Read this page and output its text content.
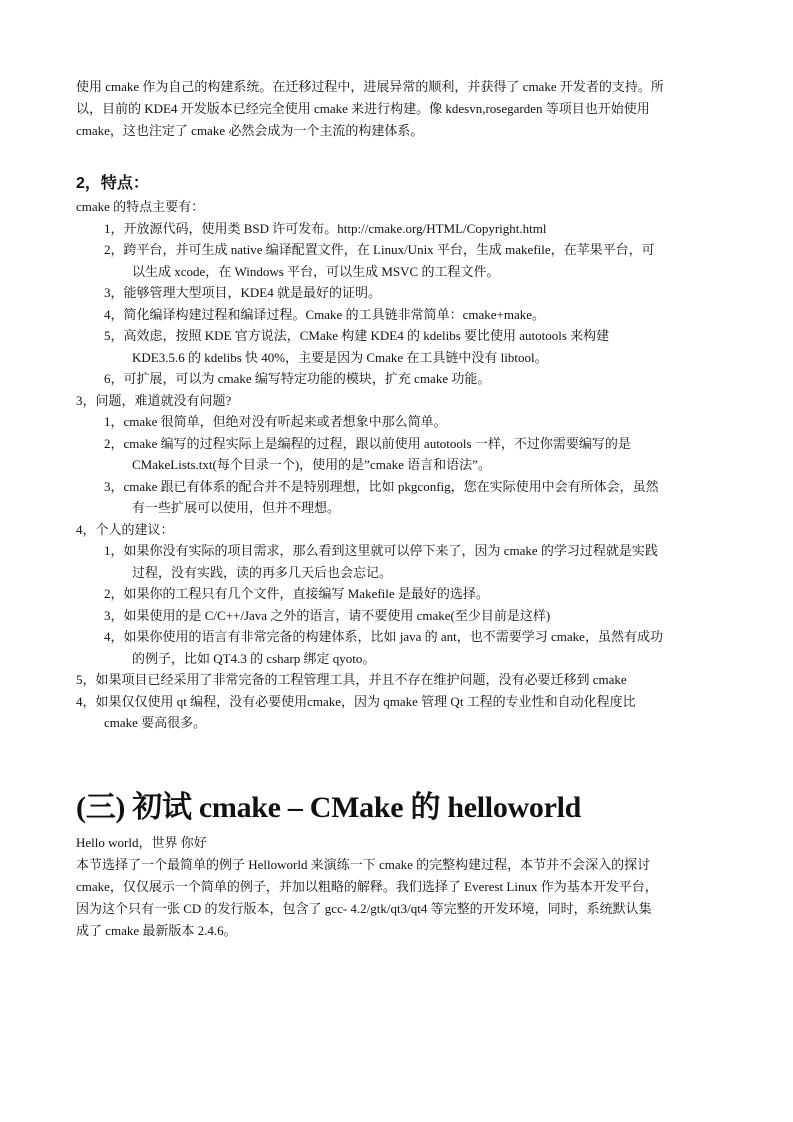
使用 cmake 作为自己的构建系统。在迁移过程中，进展异常的顺利，并获得了 cmake 开发者的支持。所

以，目前的 KDE4 开发版本已经完全使用 cmake 来进行构建。像 kdesvn,rosegarden 等项目也开始使用

cmake，这也注定了 cmake 必然会成为一个主流的构建体系。

2，特点：

cmake 的特点主要有：

1，开放源代码，使用类 BSD 许可发布。http://cmake.org/HTML/Copyright.html

2，跨平台，并可生成 native 编译配置文件，在 Linux/Unix 平台，生成 makefile，在苹果平台，可

以生成 xcode，在 Windows 平台，可以生成 MSVC 的工程文件。

3，能够管理大型项目，KDE4 就是最好的证明。

4，简化编译构建过程和编译过程。Cmake 的工具链非常简单：cmake+make。

5，高效虑，按照 KDE 官方说法，CMake 构建 KDE4 的 kdelibs 要比使用 autotools 来构建

KDE3.5.6 的 kdelibs 快 40%，主要是因为 Cmake 在工具链中没有 libtool。

6，可扩展，可以为 cmake 编写特定功能的模块，扩充 cmake 功能。

3，问题，难道就没有问题?

1，cmake 很简单，但绝对没有听起来或者想象中那么简单。

2，cmake 编写的过程实际上是编程的过程，跟以前使用 autotools 一样，不过你需要编写的是

CMakeLists.txt(每个目录一个)，使用的是”cmake 语言和语法”。

3，cmake 跟已有体系的配合并不是特别理想，比如 pkgconfig，您在实际使用中会有所体会，虽然

有一些扩展可以使用，但并不理想。

4，个人的建议：

1，如果你没有实际的项目需求，那么看到这里就可以停下来了，因为 cmake 的学习过程就是实践

过程，没有实践，读的再多几天后也会忘记。

2，如果你的工程只有几个文件，直接编写 Makefile 是最好的选择。

3，如果使用的是 C/C++/Java 之外的语言，请不要使用 cmake(至少目前是这样)

4，如果你使用的语言有非常完备的构建体系，比如 java 的 ant，也不需要学习 cmake，虽然有成功

的例子，比如 QT4.3 的 csharp 绑定 qyoto。

5，如果项目已经采用了非常完备的工程管理工具，并且不存在维护问题，没有必要迁移到 cmake

4，如果仅仅使用 qt 编程，没有必要使用cmake，因为 qmake 管理 Qt 工程的专业性和自动化程度比

cmake 要高很多。

(三) 初试 cmake – CMake 的 helloworld

Hello world，世界 你好

本节选择了一个最简单的例子 Helloworld 来演练一下 cmake 的完整构建过程，本节并不会深入的探讨

cmake，仅仅展示一个简单的例子，并加以粗略的解释。我们选择了 Everest Linux 作为基本开发平台，

因为这个只有一张 CD 的发行版本，包含了 gcc- 4.2/gtk/qt3/qt4 等完整的开发环境，同时，系统默认集

成了 cmake 最新版本 2.4.6。
